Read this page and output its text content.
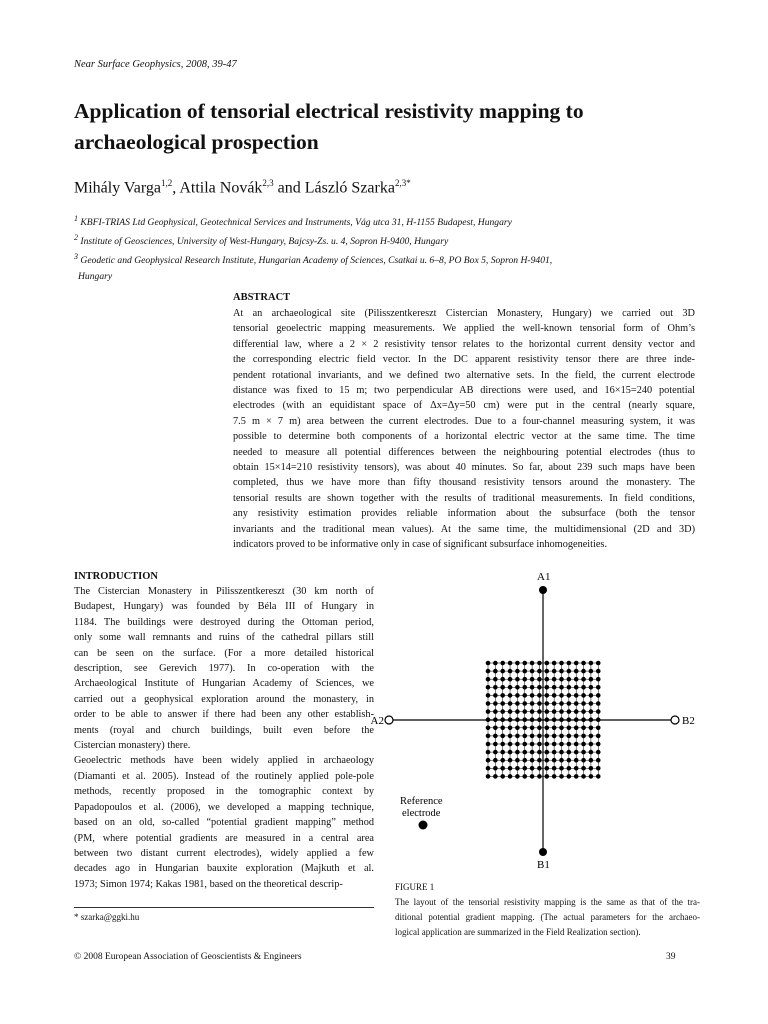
Near Surface Geophysics, 2008, 39-47
Application of tensorial electrical resistivity mapping to archaeological prospection
Mihály Varga$^{1,2}$, Attila Novák$^{2,3}$ and László Szarka$^{2,3*}$
$^1$ KBFI-TRIAS Ltd Geophysical, Geotechnical Services and Instruments, Vág utca 31, H-1155 Budapest, Hungary
$^2$ Institute of Geosciences, University of West-Hungary, Bajcsy-Zs. u. 4, Sopron H-9400, Hungary
$^3$ Geodetic and Geophysical Research Institute, Hungarian Academy of Sciences, Csatkai u. 6–8, PO Box 5, Sopron H-9401,
Hungary
ABSTRACT
At an archaeological site (Pilisszentkereszt Cistercian Monastery, Hungary) we carried out 3D
tensorial geoelectric mapping measurements. We applied the well-known tensorial form of Ohm’s
differential law, where a 2 × 2 resistivity tensor relates to the horizontal current density vector and
the corresponding electric field vector. In the DC apparent resistivity tensor there are three inde-
pendent rotational invariants, and we defined two alternative sets. In the field, the current electrode
distance was fixed to 15 m; two perpendicular AB directions were used, and 16×15=240 potential
electrodes (with an equidistant space of Δx=Δy=50 cm) were put in the central (nearly square,
7.5 m × 7 m) area between the current electrodes. Due to a four-channel measuring system, it was
possible to determine both components of a horizontal electric vector at the same time. The time
needed to measure all potential differences between the neighbouring potential electrodes (thus to
obtain 15×14=210 resistivity tensors), was about 40 minutes. So far, about 239 such maps have been
completed, thus we have more than fifty thousand resistivity tensors around the monastery. The
tensorial results are shown together with the results of traditional measurements. In field conditions,
any resistivity estimation provides reliable information about the subsurface (both the tensor
invariants and the traditional mean values). At the same time, the multidimensional (2D and 3D)
indicators proved to be informative only in case of significant subsurface inhomogeneities.
INTRODUCTION
The Cistercian Monastery in Pilisszentkereszt (30 km north of
Budapest, Hungary) was founded by Béla III of Hungary in
1184. The buildings were destroyed during the Ottoman period,
only some wall remnants and ruins of the cathedral pillars still
can be seen on the surface. (For a more detailed historical
description, see Gerevich 1977). In co-operation with the
Archaeological Institute of Hungarian Academy of Sciences, we
carried out a geophysical exploration around the monastery, in
order to be able to answer if there had been any other establish-
ments (royal and church buildings, built even before the
Cistercian monastery) there.
Geoelectric methods have been widely applied in archaeology
(Diamanti et al. 2005). Instead of the routinely applied pole-pole
methods, recently proposed in the tomographic context by
Papadopoulos et al. (2006), we developed a mapping technique,
based on an old, so-called “potential gradient mapping” method
(PM, where potential gradients are measured in a central area
between two distant current electrodes), widely applied a few
decades ago in Hungarian bauxite exploration (Majkuth et al.
1973; Simon 1974; Kakas 1981, based on the theoretical descrip-
* szarka@ggki.hu
A1
B1
A2	B2
Reference
electrode
FIGURE 1
The layout of the tensorial resistivity mapping is the same as that of the tra-
ditional potential gradient mapping. (The actual parameters for the archaeo-
logical application are summarized in the Field Realization section).
© 2008 European Association of Geoscientists & Engineers	39
